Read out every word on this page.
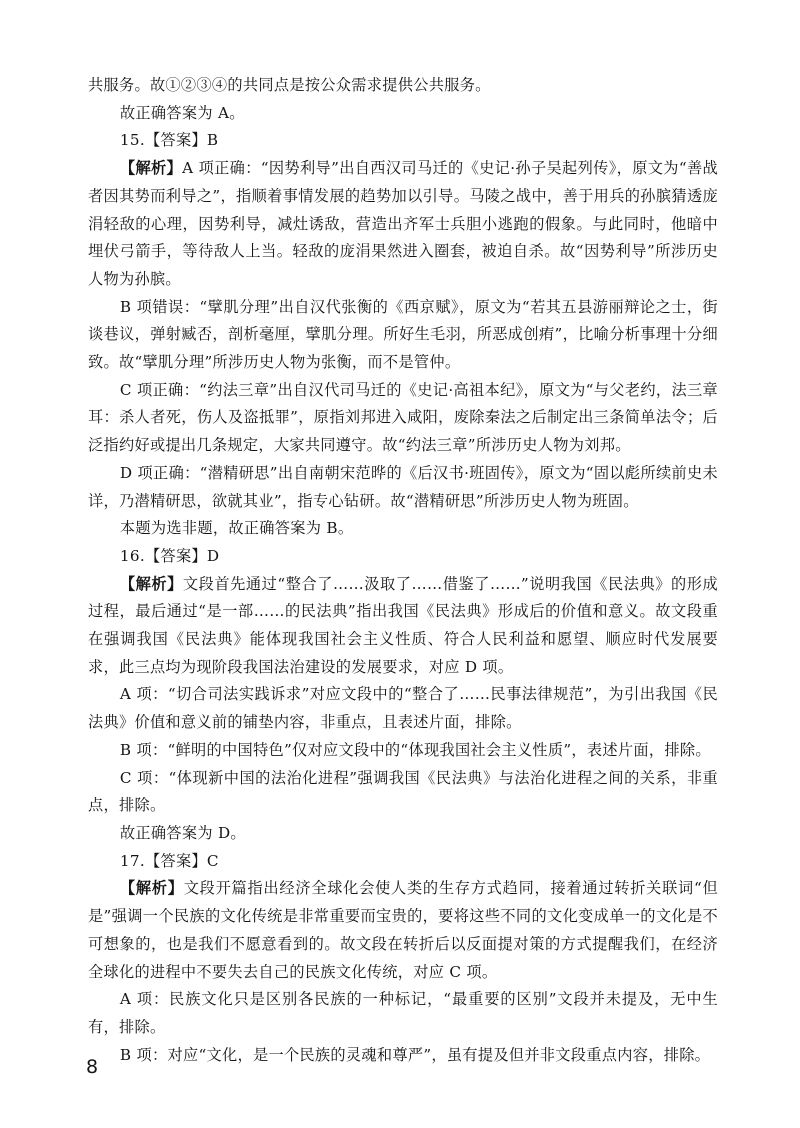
共服务。故①②③④的共同点是按公众需求提供公共服务。

故正确答案为 A。

15.【答案】B

【解析】A 项正确：“因势利导”出自西汉司马迁的《史记·孙子吴起列传》，原文为“善战者因其势而利导之”，指顺着事情发展的趋势加以引导。马陵之战中，善于用兵的孙膑猜透庞涓轻敌的心理，因势利导，减灶诱敌，营造出齐军士兵胆小逃跑的假象。与此同时，他暗中埋伏弓箭手，等待敌人上当。轻敌的庞涓果然进入圈套，被迫自杀。故“因势利导”所涉历史人物为孙膑。

B 项错误：“擘肌分理”出自汉代张衡的《西京赋》，原文为“若其五县游丽辩论之士，街谈巷议，弹射臧否，剖析毫厘，擘肌分理。所好生毛羽，所恶成创痏”，比喻分析事理十分细致。故“擘肌分理”所涉历史人物为张衡，而不是管仲。

C 项正确：“约法三章”出自汉代司马迁的《史记·高祖本纪》，原文为“与父老约，法三章耳：杀人者死，伤人及盗抵罪”，原指刘邦进入咸阳，废除秦法之后制定出三条简单法令；后泛指约好或提出几条规定，大家共同遵守。故“约法三章”所涉历史人物为刘邦。

D 项正确：“潜精研思”出自南朝宋范晔的《后汉书·班固传》，原文为“固以彪所续前史未详，乃潜精研思，欲就其业”，指专心钻研。故“潜精研思”所涉历史人物为班固。

本题为选非题，故正确答案为 B。

16.【答案】D

【解析】文段首先通过“整合了……汲取了……借鉴了……”说明我国《民法典》的形成过程，最后通过“是一部……的民法典”指出我国《民法典》形成后的价值和意义。故文段重在强调我国《民法典》能体现我国社会主义性质、符合人民利益和愿望、顺应时代发展要求，此三点均为现阶段我国法治建设的发展要求，对应 D 项。

A 项：“切合司法实践诉求”对应文段中的“整合了……民事法律规范”，为引出我国《民法典》价值和意义前的铺垫内容，非重点，且表述片面，排除。

B 项：“鲜明的中国特色”仅对应文段中的“体现我国社会主义性质”，表述片面，排除。

C 项：“体现新中国的法治化进程”强调我国《民法典》与法治化进程之间的关系，非重点，排除。

故正确答案为 D。

17.【答案】C

【解析】文段开篇指出经济全球化会使人类的生存方式趋同，接着通过转折关联词“但是”强调一个民族的文化传统是非常重要而宝贵的，要将这些不同的文化变成单一的文化是不可想象的，也是我们不愿意看到的。故文段在转折后以反面提对策的方式提醒我们，在经济全球化的进程中不要失去自己的民族文化传统，对应 C 项。

A 项：民族文化只是区别各民族的一种标记，“最重要的区别”文段并未提及，无中生有，排除。

B 项：对应“文化，是一个民族的灵魂和尊严”，虽有提及但并非文段重点内容，排除。

8
